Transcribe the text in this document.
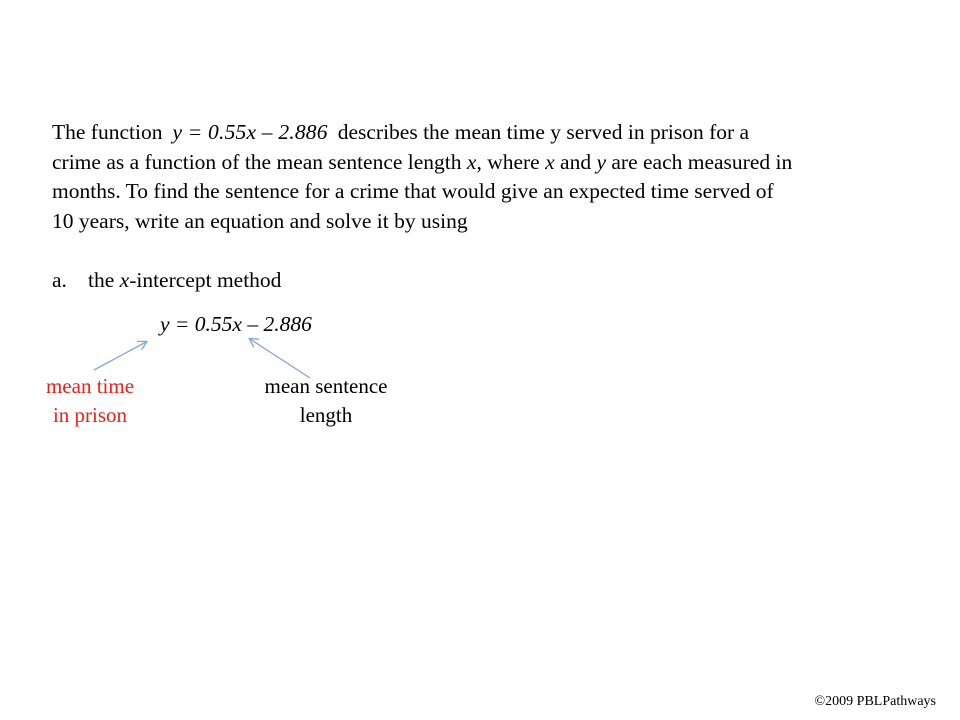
The function y = 0.55x – 2.886 describes the mean time y served in prison for a
crime as a function of the mean sentence length x, where x and y are each measured in
months. To find the sentence for a crime that would give an expected time served of
10 years, write an equation and solve it by using
a. the x-intercept method
y = 0.55x – 2.886
mean time
in prison
mean sentence
length
©2009 PBLPathways
